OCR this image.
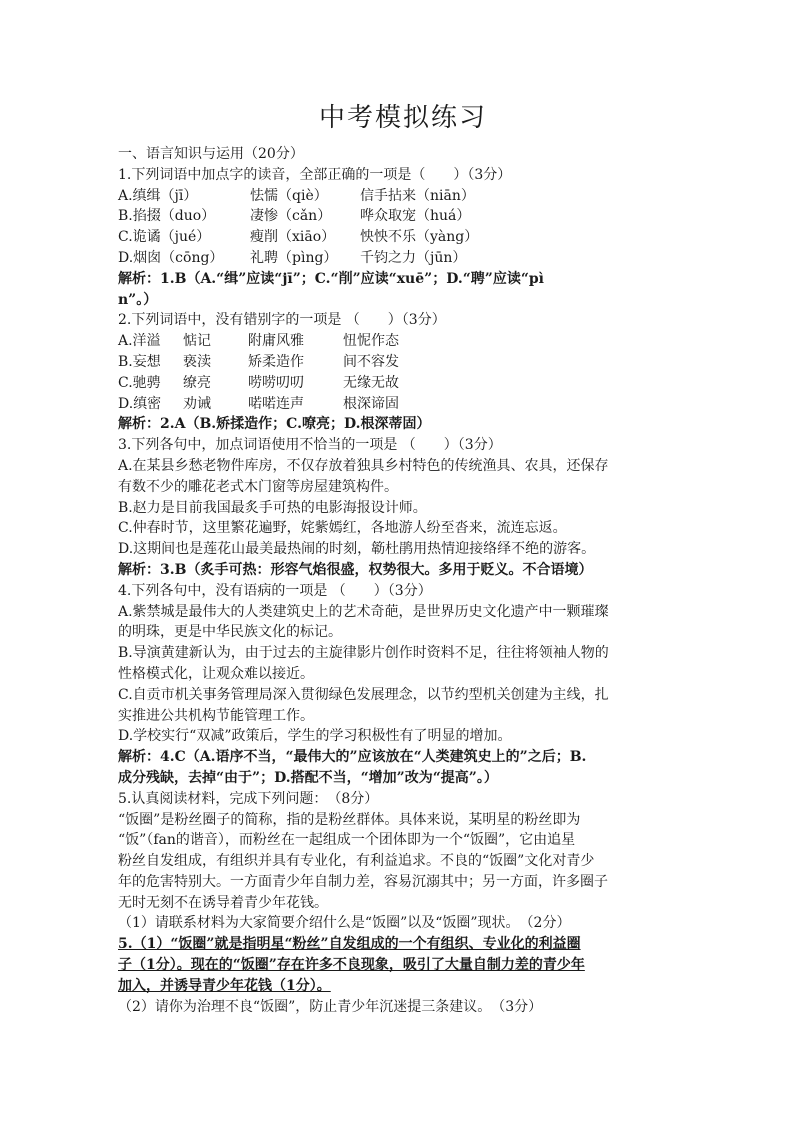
中考模拟练习
一、语言知识与运用（20分）
1.下列词语中加点字的读音，全部正确的一项是（　　）（3分）
A.缜缉（jī）	怯懦（qiè）	信手拈来（niān）
B.掐掇（duo）	凄惨（cǎn）	哗众取宠（huá）
C.诡谲（jué）	瘦削（xiāo）	怏怏不乐（yàng）
D.烟囱（cōng）	礼聘（pìng）	千钧之力（jūn）
解析：1.B（A.“缉”应读“jī”；C.“削”应读“xuē”；D.“聘”应读“pì
n”。）
2.下列词语中，没有错别字的一项是 （　　）（3分）
A.洋溢	惦记	附庸风雅	忸怩作态
B.妄想	亵渎	矫柔造作	间不容发
C.驰骋	缭亮	唠唠叨叨	无缘无故
D.缜密	劝诫	喏喏连声	根深谛固
解析：2.A（B.矫揉造作；C.嘹亮；D.根深蒂固）
3.下列各句中，加点词语使用不恰当的一项是 （　　）（3分）
A.在某县乡愁老物件库房，不仅存放着独具乡村特色的传统渔具、农具，还保存
有数不少的雕花老式木门窗等房屋建筑构件。
B.赵力是目前我国最炙手可热的电影海报设计师。
C.仲春时节，这里繁花遍野，姹紫嫣红，各地游人纷至沓来，流连忘返。
D.这期间也是莲花山最美最热闹的时刻，簕杜鹃用热情迎接络绎不绝的游客。
解析：3.B（炙手可热：形容气焰很盛，权势很大。多用于贬义。不合语境）
4.下列各句中，没有语病的一项是 （　　）（3分）
A.紫禁城是最伟大的人类建筑史上的艺术奇葩，是世界历史文化遗产中一颗璀璨
的明珠，更是中华民族文化的标记。
B.导演黄建新认为，由于过去的主旋律影片创作时资料不足，往往将领袖人物的
性格模式化，让观众难以接近。
C.自贡市机关事务管理局深入贯彻绿色发展理念，以节约型机关创建为主线，扎
实推进公共机构节能管理工作。
D.学校实行“双减”政策后，学生的学习积极性有了明显的增加。
解析：4.C（A.语序不当，“最伟大的”应该放在“人类建筑史上的”之后；B.
成分残缺，去掉“由于”；D.搭配不当，“增加”改为“提高”。）
5.认真阅读材料，完成下列问题：　（8分）
“饭圈”是粉丝圈子的简称，指的是粉丝群体。具体来说，某明星的粉丝即为
“饭”（fan的谐音），而粉丝在一起组成一个团体即为一个“饭圈”，它由追星
粉丝自发组成，有组织并具有专业化，有利益追求。不良的“饭圈”文化对青少
年的危害特别大。一方面青少年自制力差，容易沉溺其中；另一方面，许多圈子
无时无刻不在诱导着青少年花钱。
（1）请联系材料为大家简要介绍什么是“饭圈”以及“饭圈”现状。　（2分）
5.（1）“饭圈”就是指明星“粉丝”自发组成的一个有组织、专业化的利益圈
子（1分）。现在的“饭圈”存在许多不良现象，吸引了大量自制力差的青少年
加入，并诱导青少年花钱（1分）。
（2）请你为治理不良“饭圈”，防止青少年沉迷提三条建议。　（3分）
